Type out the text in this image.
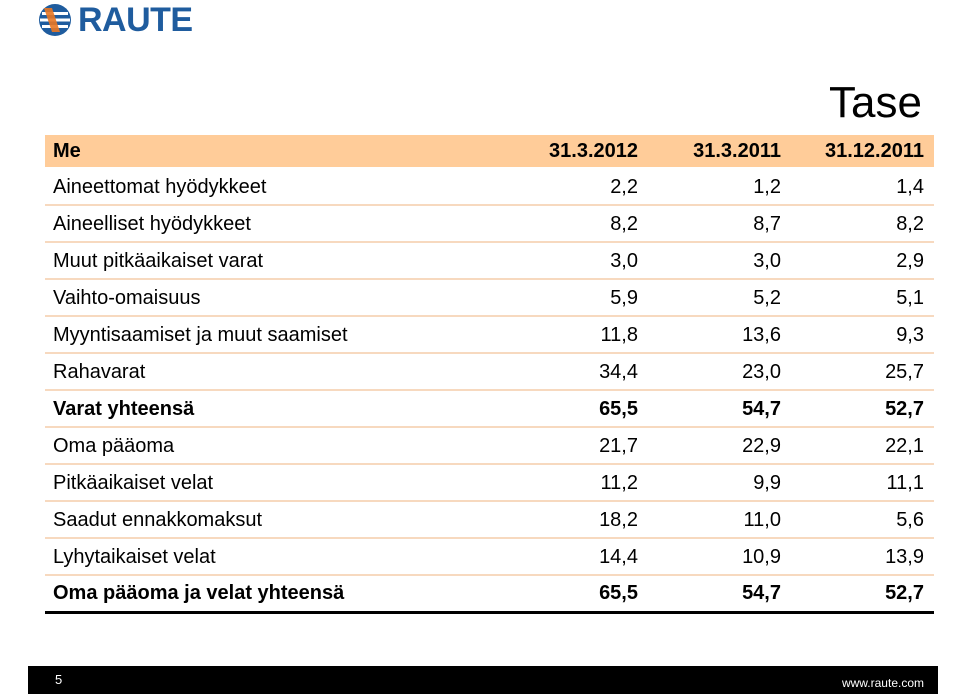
RAUTE
Tase
Me	31.3.2012	31.3.2011	31.12.2011
Aineettomat hyödykkeet	2,2	1,2	1,4
Aineelliset hyödykkeet	8,2	8,7	8,2
Muut pitkäaikaiset varat	3,0	3,0	2,9
Vaihto-omaisuus	5,9	5,2	5,1
Myyntisaamiset ja muut saamiset	11,8	13,6	9,3
Rahavarat	34,4	23,0	25,7
Varat yhteensä	65,5	54,7	52,7
Oma pääoma	21,7	22,9	22,1
Pitkäaikaiset velat	11,2	9,9	11,1
Saadut ennakkomaksut	18,2	11,0	5,6
Lyhytaikaiset velat	14,4	10,9	13,9
Oma pääoma ja velat yhteensä	65,5	54,7	52,7
5	www.raute.com
